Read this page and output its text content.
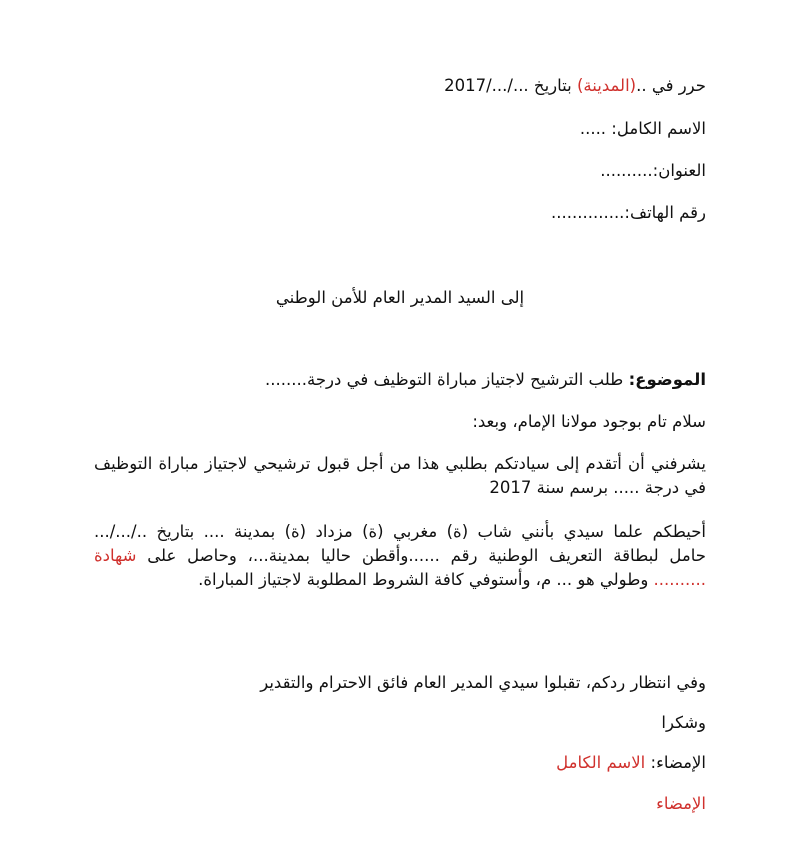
حرر في ..(المدينة) بتاريخ .../.../2017
الاسم الكامل: .....
العنوان:..........
رقم الهاتف:..............
إلى السيد المدير العام للأمن الوطني
الموضوع: طلب الترشيح لاجتياز مباراة التوظيف في درجة........
سلام تام بوجود مولانا الإمام، وبعد:
يشرفني أن أتقدم إلى سيادتكم بطلبي هذا من أجل قبول ترشيحي لاجتياز مباراة التوظيف
في درجة ..... برسم سنة 2017
أحيطكم علما سيدي بأنني شاب (ة) مغربي (ة) مزداد (ة) بمدينة .... بتاريخ ../.../...
حامل لبطاقة التعريف الوطنية رقم ......وأقطن حاليا بمدينة...، وحاصل على شهادة
.......... وطولي هو ... م، وأستوفي كافة الشروط المطلوبة لاجتياز المباراة.
وفي انتظار ردكم، تقبلوا سيدي المدير العام فائق الاحترام والتقدير
وشكرا
الإمضاء: الاسم الكامل
الإمضاء
